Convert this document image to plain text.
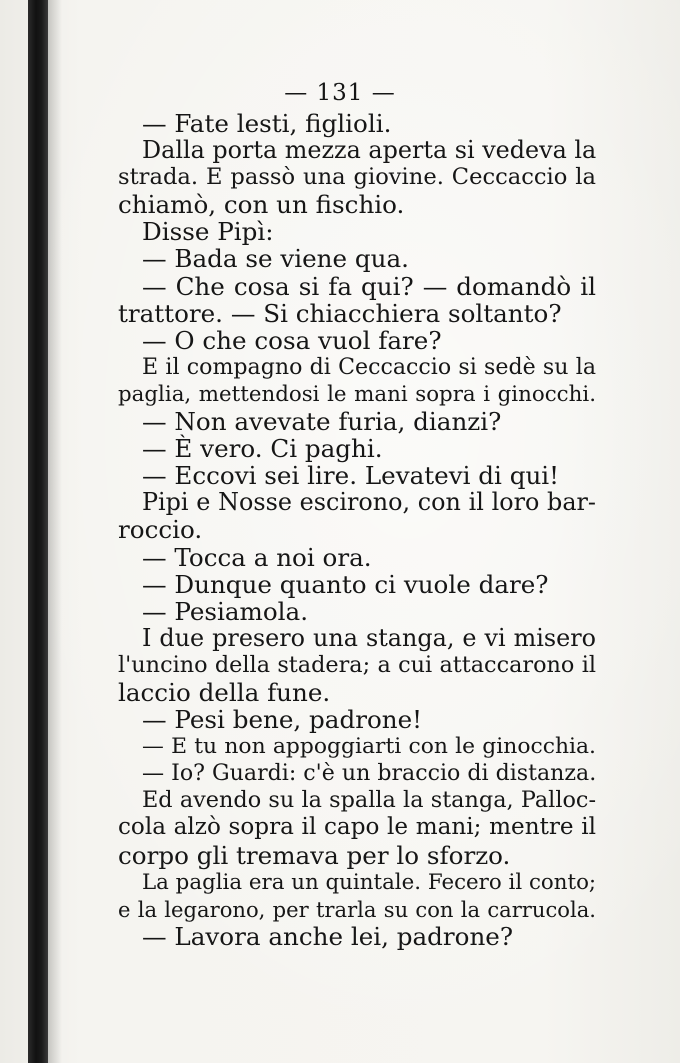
— 131 —
— Fate lesti, figlioli.
Dalla porta mezza aperta si vedeva la
strada. E passò una giovine. Ceccaccio la
chiamò, con un fischio.
Disse Pipì:
— Bada se viene qua.
— Che cosa si fa qui? — domandò il
trattore. — Si chiacchiera soltanto?
— O che cosa vuol fare?
E il compagno di Ceccaccio si sedè su la
paglia, mettendosi le mani sopra i ginocchi.
— Non avevate furia, dianzi?
— È vero. Ci paghi.
— Eccovi sei lire. Levatevi di qui!
Pipi e Nosse escirono, con il loro bar-
roccio.
— Tocca a noi ora.
— Dunque quanto ci vuole dare?
— Pesiamola.
I due presero una stanga, e vi misero
l'uncino della stadera; a cui attaccarono il
laccio della fune.
— Pesi bene, padrone!
— E tu non appoggiarti con le ginocchia.
— Io? Guardi: c'è un braccio di distanza.
Ed avendo su la spalla la stanga, Palloc-
cola alzò sopra il capo le mani; mentre il
corpo gli tremava per lo sforzo.
La paglia era un quintale. Fecero il conto;
e la legarono, per trarla su con la carrucola.
— Lavora anche lei, padrone?
